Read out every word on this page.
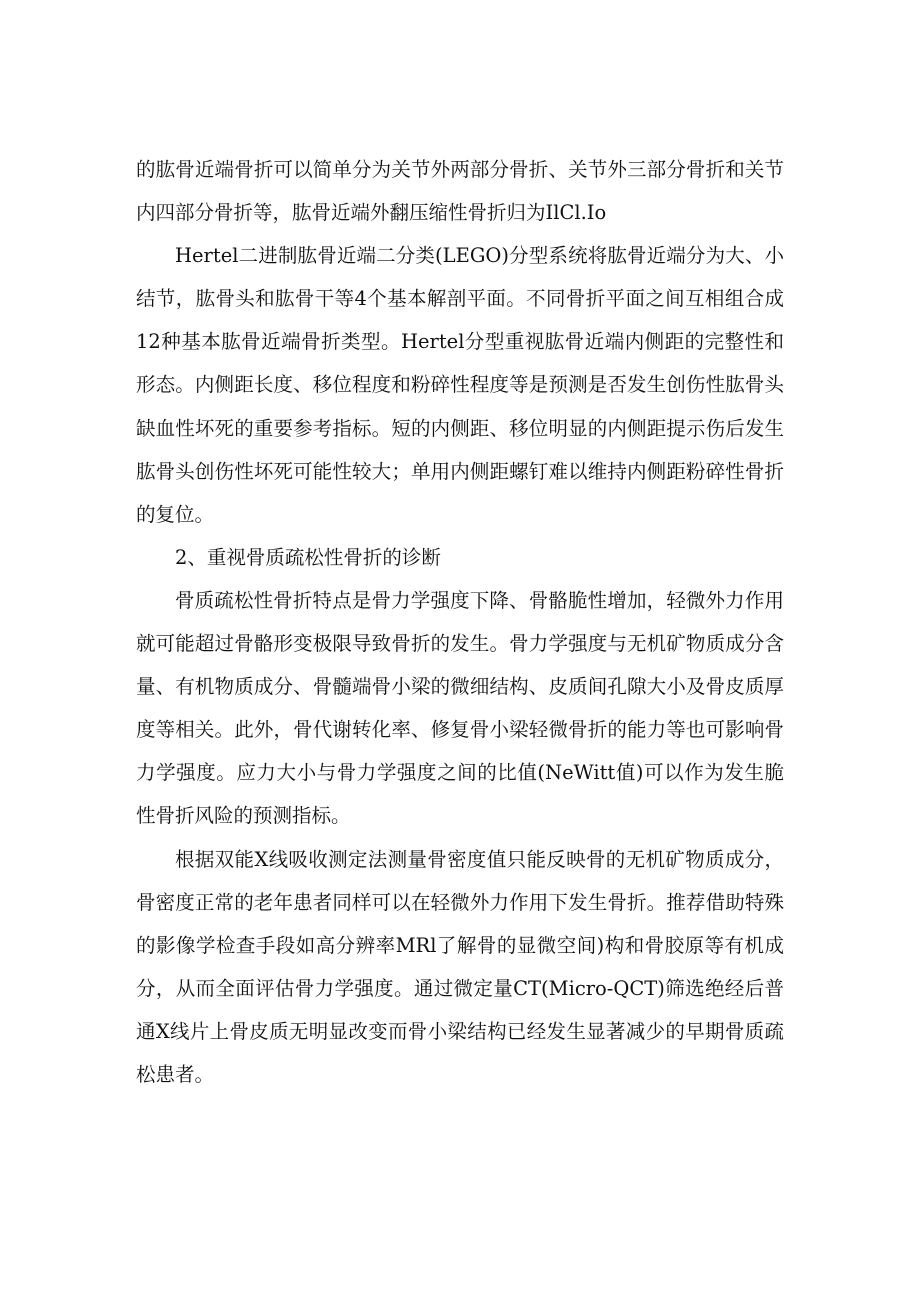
的肱骨近端骨折可以简单分为关节外两部分骨折、关节外三部分骨折和关节内四部分骨折等，肱骨近端外翻压缩性骨折归为IlCl.Io

Hertel二进制肱骨近端二分类(LEGO)分型系统将肱骨近端分为大、小结节，肱骨头和肱骨干等4个基本解剖平面。不同骨折平面之间互相组合成12种基本肱骨近端骨折类型。Hertel分型重视肱骨近端内侧距的完整性和形态。内侧距长度、移位程度和粉碎性程度等是预测是否发生创伤性肱骨头缺血性坏死的重要参考指标。短的内侧距、移位明显的内侧距提示伤后发生肱骨头创伤性坏死可能性较大；单用内侧距螺钉难以维持内侧距粉碎性骨折的复位。

2、重视骨质疏松性骨折的诊断

骨质疏松性骨折特点是骨力学强度下降、骨骼脆性增加，轻微外力作用就可能超过骨骼形变极限导致骨折的发生。骨力学强度与无机矿物质成分含量、有机物质成分、骨髓端骨小梁的微细结构、皮质间孔隙大小及骨皮质厚度等相关。此外，骨代谢转化率、修复骨小梁轻微骨折的能力等也可影响骨力学强度。应力大小与骨力学强度之间的比值(NeWitt值)可以作为发生脆性骨折风险的预测指标。

根据双能X线吸收测定法测量骨密度值只能反映骨的无机矿物质成分，骨密度正常的老年患者同样可以在轻微外力作用下发生骨折。推荐借助特殊的影像学检查手段如高分辨率MRl了解骨的显微空间)构和骨胶原等有机成分，从而全面评估骨力学强度。通过微定量CT(Micro-QCT)筛选绝经后普通X线片上骨皮质无明显改变而骨小梁结构已经发生显著减少的早期骨质疏松患者。
